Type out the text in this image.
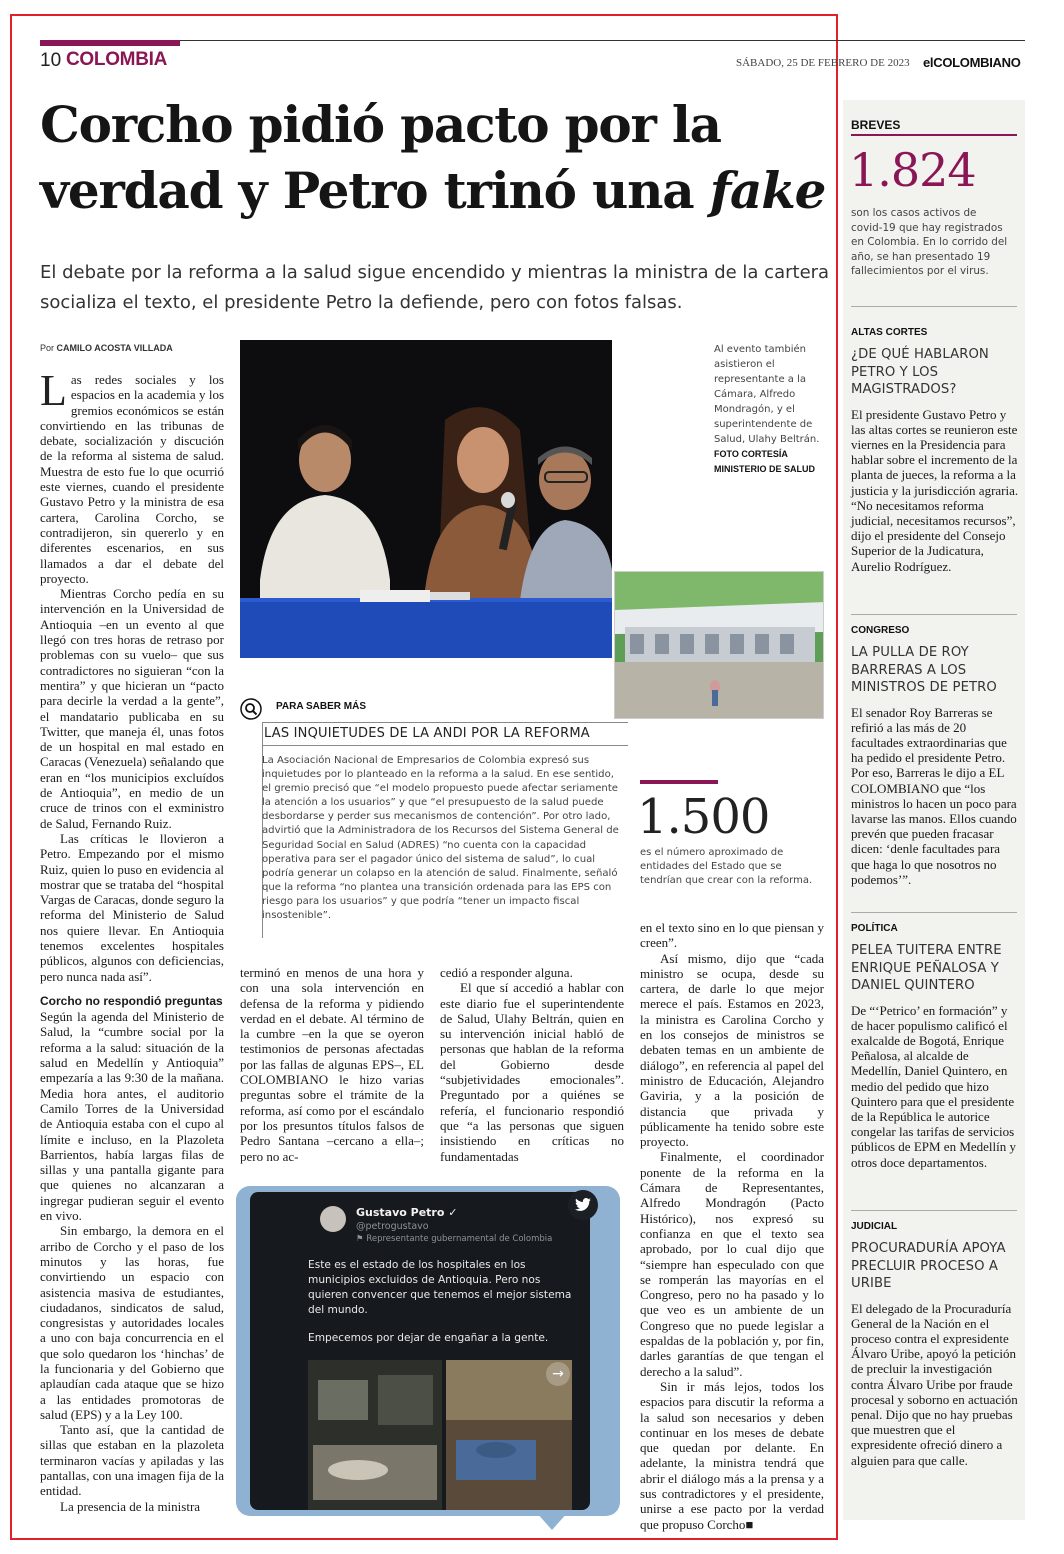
10 COLOMBIA	SÁBADO, 25 DE FEBRERO DE 2023 elCOLOMBIANO
Corcho pidió pacto por la verdad y Petro trinó una fake
El debate por la reforma a la salud sigue encendido y mientras la ministra de la cartera socializa el texto, el presidente Petro la defiende, pero con fotos falsas.
Por CAMILO ACOSTA VILLADA

Las redes sociales y los espacios en la academia y los gremios económicos se están convirtiendo en las tribunas de debate, socialización y discución de la reforma al sistema de salud. Muestra de esto fue lo que ocurrió este viernes, cuando el presidente Gustavo Petro y la ministra de esa cartera, Carolina Corcho, se contradijeron, sin quererlo y en diferentes escenarios, en sus llamados a dar el debate del proyecto.

Mientras Corcho pedía en su intervención en la Universidad de Antioquia –en un evento al que llegó con tres horas de retraso por problemas con su vuelo– que sus contradictores no siguieran “con la mentira” y que hicieran un “pacto para decirle la verdad a la gente”, el mandatario publicaba en su Twitter, que maneja él, unas fotos de un hospital en mal estado en Caracas (Venezuela) señalando que eran en “los municipios excluídos de Antioquia”, en medio de un cruce de trinos con el exministro de Salud, Fernando Ruiz.

Las críticas le llovieron a Petro. Empezando por el mismo Ruiz, quien lo puso en evidencia al mostrar que se trataba del “hospital Vargas de Caracas, donde seguro la reforma del Ministerio de Salud nos quiere llevar. En Antioquia tenemos excelentes hospitales públicos, algunos con deficiencias, pero nunca nada así”.

Corcho no respondió preguntas

Según la agenda del Ministerio de Salud, la “cumbre social por la reforma a la salud: situación de la salud en Medellín y Antioquia” empezaría a las 9:30 de la mañana. Media hora antes, el auditorio Camilo Torres de la Universidad de Antioquia estaba con el cupo al límite e incluso, en la Plazoleta Barrientos, había largas filas de sillas y una pantalla gigante para que quienes no alcanzaran a ingregar pudieran seguir el evento en vivo.

Sin embargo, la demora en el arribo de Corcho y el paso de los minutos y las horas, fue convirtiendo un espacio con asistencia masiva de estudiantes, ciudadanos, sindicatos de salud, congresistas y autoridades locales a uno con baja concurrencia en el que solo quedaron los ‘hinchas’ de la funcionaria y del Gobierno que aplaudían cada ataque que se hizo a las entidades promotoras de salud (EPS) y a la Ley 100.

Tanto así, que la cantidad de sillas que estaban en la plazoleta terminaron vacías y apiladas y las pantallas, con una imagen fija de la entidad.

La presencia de la ministra

Al evento también asistieron el representante a la Cámara, Alfredo Mondragón, y el superintendente de Salud, Ulahy Beltrán.
FOTO CORTESÍA MINISTERIO DE SALUD
PARA SABER MÁS
LAS INQUIETUDES DE LA ANDI POR LA REFORMA
La Asociación Nacional de Empresarios de Colombia expresó sus inquietudes por lo planteado en la reforma a la salud. En ese sentido, el gremio precisó que “el modelo propuesto puede afectar seriamente la atención a los usuarios” y que “el presupuesto de la salud puede desbordarse y perder sus mecanismos de contención”. Por otro lado, advirtió que la Administradora de los Recursos del Sistema General de Seguridad Social en Salud (ADRES) “no cuenta con la capacidad operativa para ser el pagador único del sistema de salud”, lo cual podría generar un colapso en la atención de salud. Finalmente, señaló que la reforma “no plantea una transición ordenada para las EPS con riesgo para los usuarios” y que podría “tener un impacto fiscal insostenible”.
1.500
es el número aproximado de entidades del Estado que se tendrían que crear con la reforma.

terminó en menos de una hora y con una sola intervención en defensa de la reforma y pidiendo verdad en el debate. Al término de la cumbre –en la que se oyeron testimonios de personas afectadas por las fallas de algunas EPS–, EL COLOMBIANO le hizo varias preguntas sobre el trámite de la reforma, así como por el escándalo por los presuntos títulos falsos de Pedro Santana –cercano a ella–; pero no ac-

cedió a responder alguna.

El que sí accedió a hablar con este diario fue el superintendente de Salud, Ulahy Beltrán, quien en su intervención inicial habló de personas que hablan de la reforma del Gobierno desde “subjetividades emocionales”. Preguntado por a quiénes se refería, el funcionario respondió que “a las personas que siguen insistiendo en críticas no fundamentadas

en el texto sino en lo que piensan y creen”.

Así mismo, dijo que “cada ministro se ocupa, desde su cartera, de darle lo que mejor merece el país. Estamos en 2023, la ministra es Carolina Corcho y en los consejos de ministros se debaten temas en un ambiente de diálogo”, en referencia al papel del ministro de Educación, Alejandro Gaviria, y a la posición de distancia que privada y públicamente ha tenido sobre este proyecto.

Finalmente, el coordinador ponente de la reforma en la Cámara de Representantes, Alfredo Mondragón (Pacto Histórico), nos expresó su confianza en que el texto sea aprobado, por lo cual dijo que “siempre han especulado con que se romperán las mayorías en el Congreso, pero no ha pasado y lo que veo es un ambiente de un Congreso que no puede legislar a espaldas de la población y, por fin, darles garantías de que tengan el derecho a la salud”.

Sin ir más lejos, todos los espacios para discutir la reforma a la salud son necesarios y deben continuar en los meses de debate que quedan por delante. En adelante, la ministra tendrá que abrir el diálogo más a la prensa y a sus contradictores y el presidente, unirse a ese pacto por la verdad que propuso Corcho■

Gustavo Petro ✓
@petrogustavo
⚑ Representante gubernamental de Colombia
Este es el estado de los hospitales en los municipios excluidos de Antioquia. Pero nos quieren convencer que tenemos el mejor sistema del mundo.
Empecemos por dejar de engañar a la gente.
→
BREVES
1.824
son los casos activos de covid-19 que hay registrados en Colombia. En lo corrido del año, se han presentado 19 fallecimientos por el virus.
ALTAS CORTES
¿DE QUÉ HABLARON PETRO Y LOS MAGISTRADOS?
El presidente Gustavo Petro y las altas cortes se reunieron este viernes en la Presidencia para hablar sobre el incremento de la planta de jueces, la reforma a la justicia y la jurisdicción agraria. “No necesitamos reforma judicial, necesitamos recursos”, dijo el presidente del Consejo Superior de la Judicatura, Aurelio Rodríguez.
CONGRESO
LA PULLA DE ROY BARRERAS A LOS MINISTROS DE PETRO
El senador Roy Barreras se refirió a las más de 20 facultades extraordinarias que ha pedido el presidente Petro. Por eso, Barreras le dijo a EL COLOMBIANO que “los ministros lo hacen un poco para lavarse las manos. Ellos cuando prevén que pueden fracasar dicen: ‘denle facultades para que haga lo que nosotros no podemos’”.
POLÍTICA
PELEA TUITERA ENTRE ENRIQUE PEÑALOSA Y DANIEL QUINTERO
De “‘Petrico’ en formación” y de hacer populismo calificó el exalcalde de Bogotá, Enrique Peñalosa, al alcalde de Medellín, Daniel Quintero, en medio del pedido que hizo Quintero para que el presidente de la República le autorice congelar las tarifas de servicios públicos de EPM en Medellín y otros doce departamentos.
JUDICIAL
PROCURADURÍA APOYA PRECLUIR PROCESO A URIBE
El delegado de la Procuraduría General de la Nación en el proceso contra el expresidente Álvaro Uribe, apoyó la petición de precluir la investigación contra Álvaro Uribe por fraude procesal y soborno en actuación penal. Dijo que no hay pruebas que muestren que el expresidente ofreció dinero a alguien para que calle.
